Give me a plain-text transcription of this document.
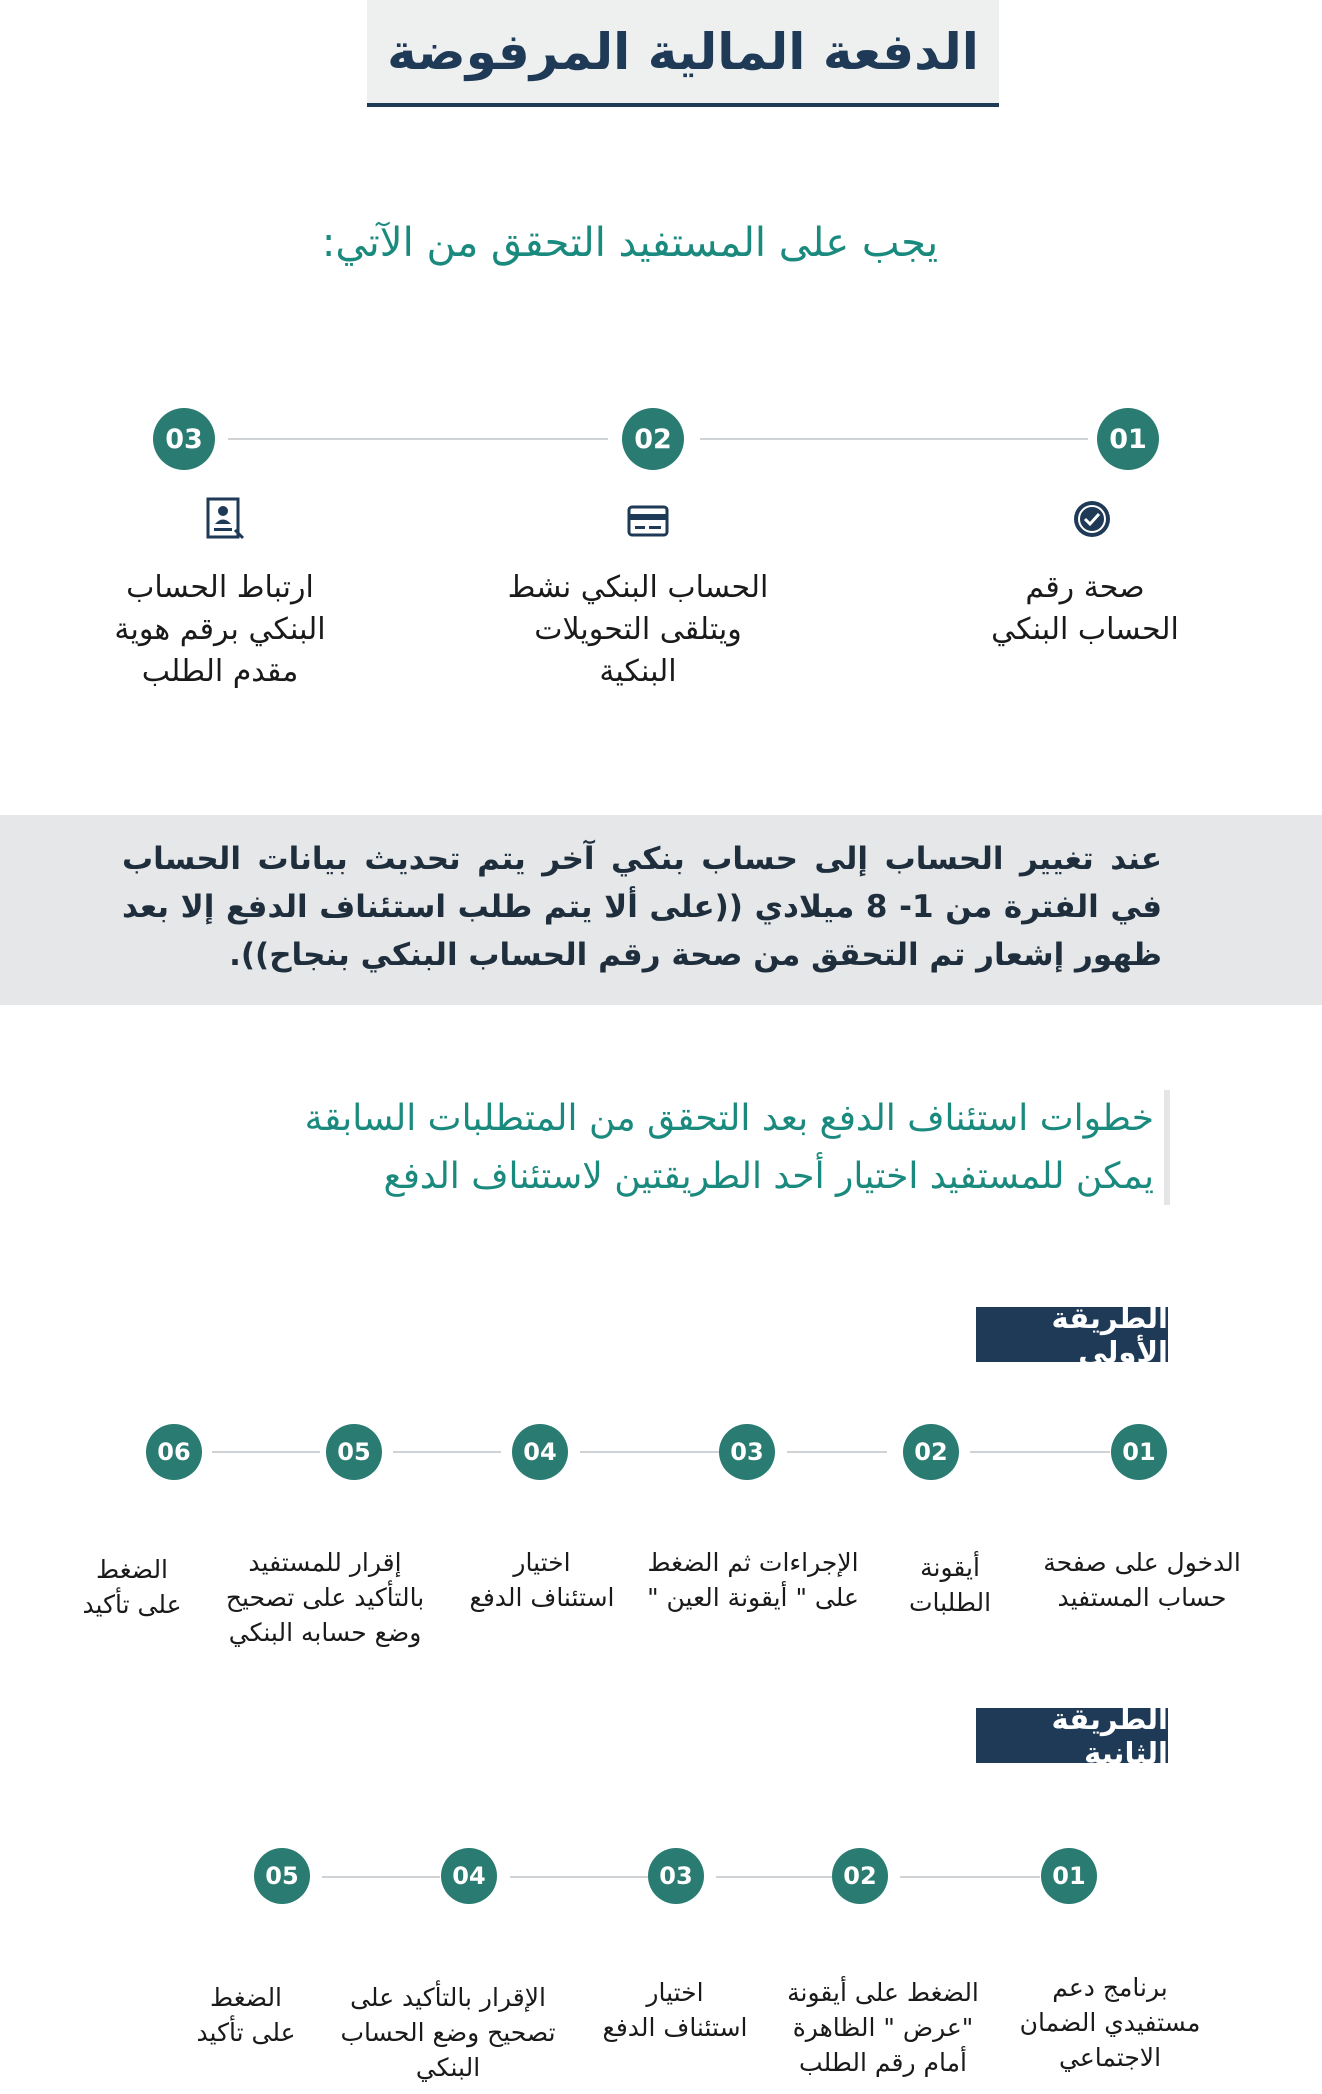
الدفعة المالية المرفوضة
يجب على المستفيد التحقق من الآتي:
01
02
03
صحة رقم
الحساب البنكي
الحساب البنكي نشط
ويتلقى التحويلات
البنكية
ارتباط الحساب
البنكي برقم هوية
مقدم الطلب
عند تغيير الحساب إلى حساب بنكي آخر يتم تحديث بيانات الحساب في الفترة من 1- 8 ميلادي ((على ألا يتم طلب استئناف الدفع إلا بعد ظهور إشعار تم التحقق من صحة رقم الحساب البنكي بنجاح)).
خطوات استئناف الدفع بعد التحقق من المتطلبات السابقة
يمكن للمستفيد اختيار أحد الطريقتين لاستئناف الدفع
الطريقة الأولى
01
02
03
04
05
06
الدخول على صفحة
حساب المستفيد
أيقونة
الطلبات
الإجراءات ثم الضغط
على " أيقونة العين "
اختيار
استئناف الدفع
إقرار للمستفيد
بالتأكيد على تصحيح
وضع حسابه البنكي
الضغط
على تأكيد
الطريقة الثانية
01
02
03
04
05
برنامج دعم
مستفيدي الضمان
الاجتماعي
الضغط على أيقونة
"عرض " الظاهرة
أمام رقم الطلب
اختيار
استئناف الدفع
الإقرار بالتأكيد على
تصحيح وضع الحساب
البنكي
الضغط
على تأكيد
